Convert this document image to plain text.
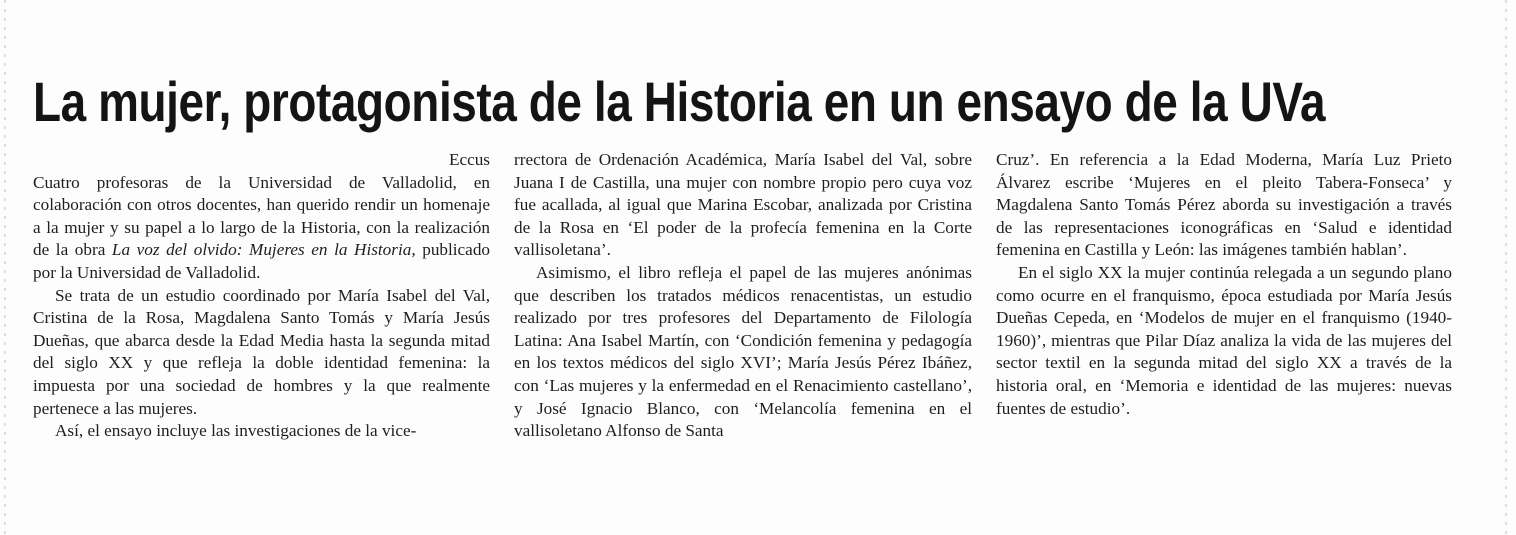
La mujer, protagonista de la Historia en un ensayo de la UVa

Eccus

Cuatro profesoras de la Universidad de Valladolid, en colaboración con otros docentes, han querido rendir un homenaje a la mujer y su papel a lo largo de la Historia, con la realización de la obra La voz del olvido: Mujeres en la Historia, publicado por la Universidad de Valladolid.

Se trata de un estudio coordinado por María Isabel del Val, Cristina de la Rosa, Magdalena Santo Tomás y María Jesús Dueñas, que abarca desde la Edad Media hasta la segunda mitad del siglo XX y que refleja la doble identidad femenina: la impuesta por una sociedad de hombres y la que realmente pertenece a las mujeres.

Así, el ensayo incluye las investigaciones de la vice-

rrectora de Ordenación Académica, María Isabel del Val, sobre Juana I de Castilla, una mujer con nombre propio pero cuya voz fue acallada, al igual que Marina Escobar, analizada por Cristina de la Rosa en ‘El poder de la profecía femenina en la Corte vallisoletana’.

Asimismo, el libro refleja el papel de las mujeres anónimas que describen los tratados médicos renacentistas, un estudio realizado por tres profesores del Departamento de Filología Latina: Ana Isabel Martín, con ‘Condición femenina y pedagogía en los textos médicos del siglo XVI’; María Jesús Pérez Ibáñez, con ‘Las mujeres y la enfermedad en el Renacimiento castellano’, y José Ignacio Blanco, con ‘Melancolía femenina en el vallisoletano Alfonso de Santa

Cruz’. En referencia a la Edad Moderna, María Luz Prieto Álvarez escribe ‘Mujeres en el pleito Tabera-Fonseca’ y Magdalena Santo Tomás Pérez aborda su investigación a través de las representaciones iconográficas en ‘Salud e identidad femenina en Castilla y León: las imágenes también hablan’.

En el siglo XX la mujer continúa relegada a un segundo plano como ocurre en el franquismo, época estudiada por María Jesús Dueñas Cepeda, en ‘Modelos de mujer en el franquismo (1940-1960)’, mientras que Pilar Díaz analiza la vida de las mujeres del sector textil en la segunda mitad del siglo XX a través de la historia oral, en ‘Memoria e identidad de las mujeres: nuevas fuentes de estudio’.
